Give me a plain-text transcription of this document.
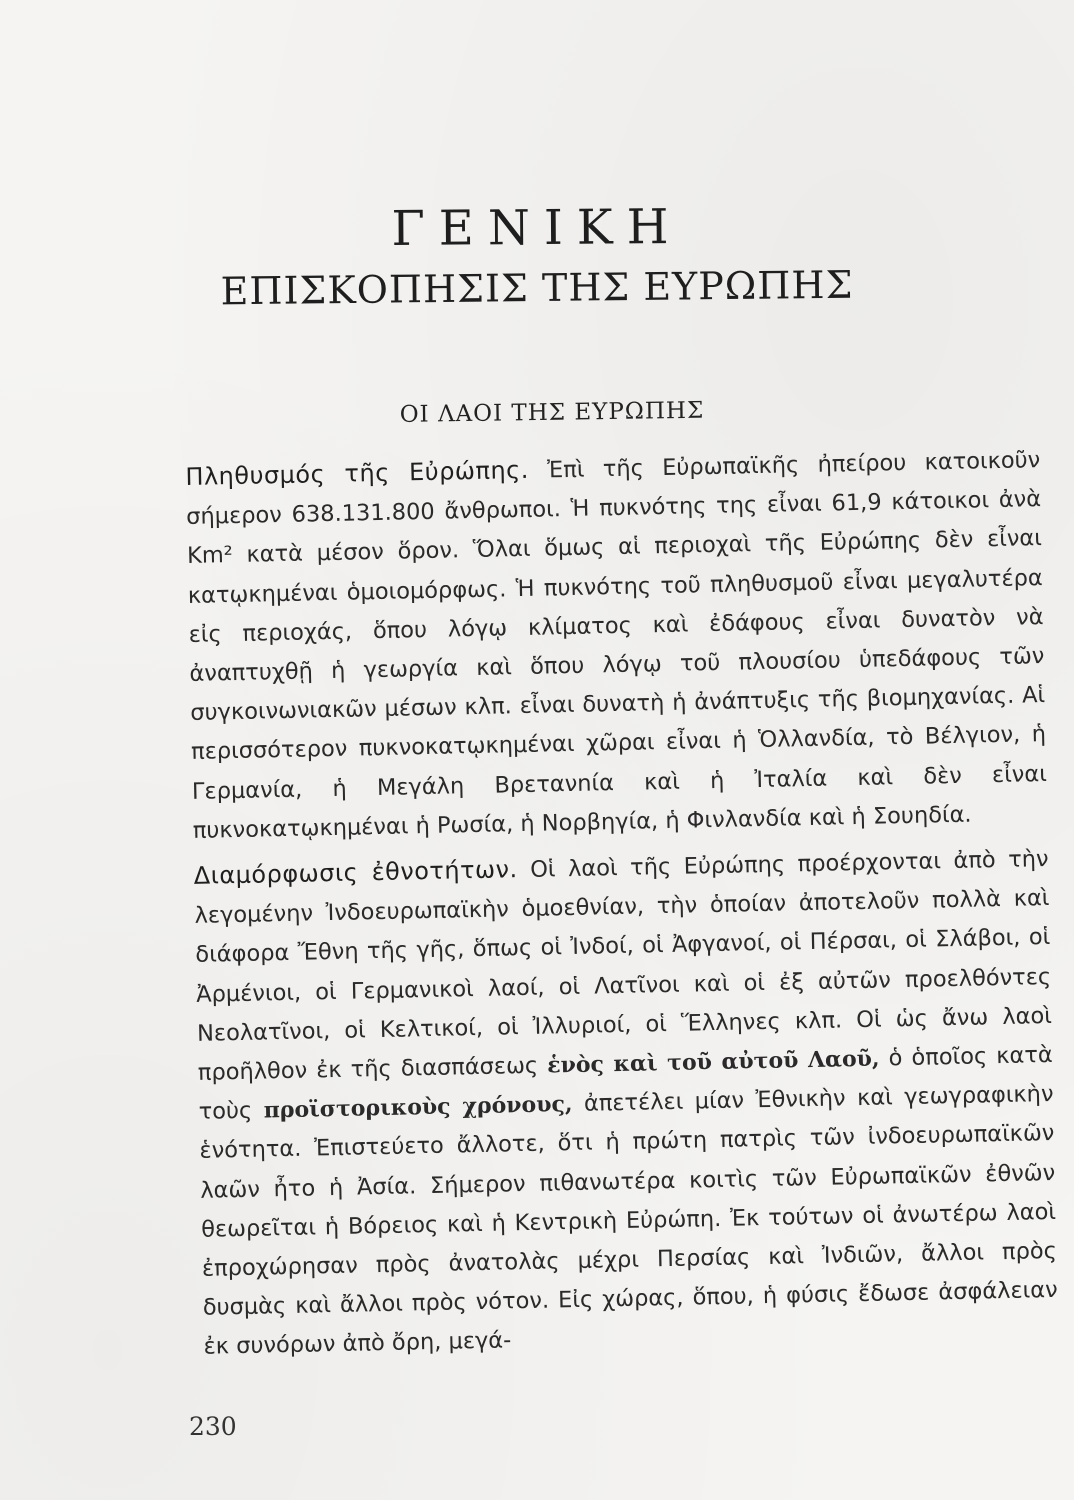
ΓΕΝΙΚΗ
ΕΠΙΣΚΟΠΗΣΙΣ ΤΗΣ ΕΥΡΩΠΗΣ
ΟΙ ΛΑΟΙ ΤΗΣ ΕΥΡΩΠΗΣ

Πληθυσμός τῆς Εὐρώπης. Ἐπὶ τῆς Εὐρωπαϊκῆς ἠπείρου κατοικοῦν σήμερον 638.131.800 ἄνθρωποι. Ἡ πυκνότης της εἶναι 61,9 κάτοικοι ἀνὰ Km² κατὰ μέσον ὅρον. Ὅλαι ὅμως αἱ περιοχαὶ τῆς Εὐρώπης δὲν εἶναι κατῳκημέναι ὁμοιομόρφως. Ἡ πυκνότης τοῦ πληθυσμοῦ εἶναι μεγαλυτέρα εἰς περιοχάς, ὅπου λόγῳ κλίματος καὶ ἐδάφους εἶναι δυνατὸν νὰ ἀναπτυχθῇ ἡ γεωργία καὶ ὅπου λόγῳ τοῦ πλουσίου ὑπεδάφους τῶν συγκοινωνιακῶν μέσων κλπ. εἶναι δυνατὴ ἡ ἀνάπτυξις τῆς βιομηχανίας. Αἱ περισσότερον πυκνοκατῳκημέναι χῶραι εἶναι ἡ Ὁλλανδία, τὸ Βέλγιον, ἡ Γερμανία, ἡ Μεγάλη Βρετανnία καὶ ἡ Ἰταλία καὶ δὲν εἶναι πυκνοκατῳκημέναι ἡ Ρωσία, ἡ Νορβηγία, ἡ Φινλανδία καὶ ἡ Σουηδία.

Διαμόρφωσις ἐθνοτήτων. Οἱ λαοὶ τῆς Εὐρώπης προέρχονται ἀπὸ τὴν λεγομένην Ἰνδοευρωπαϊκὴν ὁμοεθνίαν, τὴν ὁποίαν ἀποτελοῦν πολλὰ καὶ διάφορα Ἔθνη τῆς γῆς, ὅπως οἱ Ἰνδοί, οἱ Ἀφγανοί, οἱ Πέρσαι, οἱ Σλάβοι, οἱ Ἀρμένιοι, οἱ Γερμανικοὶ λαοί, οἱ Λατῖνοι καὶ οἱ ἐξ αὐτῶν προελθόντες Νεολατῖνοι, οἱ Κελτικοί, οἱ Ἰλλυριοί, οἱ Ἕλληνες κλπ. Οἱ ὡς ἄνω λαοὶ προῆλθον ἐκ τῆς διασπάσεως ἑνὸς καὶ τοῦ αὐτοῦ Λαοῦ, ὁ ὁποῖος κατὰ τοὺς προϊστορικοὺς χρόνους, ἀπετέλει μίαν Ἐθνικὴν καὶ γεωγραφικὴν ἑνότητα. Ἐπιστεύετο ἄλλοτε, ὅτι ἡ πρώτη πατρὶς τῶν ἰνδοευρωπαϊκῶν λαῶν ἦτο ἡ Ἀσία. Σήμερον πιθανωτέρα κοιτὶς τῶν Εὐρωπαϊκῶν ἐθνῶν θεωρεῖται ἡ Βόρειος καὶ ἡ Κεντρικὴ Εὐρώπη. Ἐκ τούτων οἱ ἀνωτέρω λαοὶ ἐπροχώρησαν πρὸς ἀνατολὰς μέχρι Περσίας καὶ Ἰνδιῶν, ἄλλοι πρὸς δυσμὰς καὶ ἄλλοι πρὸς νότον. Εἰς χώρας, ὅπου, ἡ φύσις ἔδωσε ἀσφάλειαν ἐκ συνόρων ἀπὸ ὄρη, μεγά-

230
